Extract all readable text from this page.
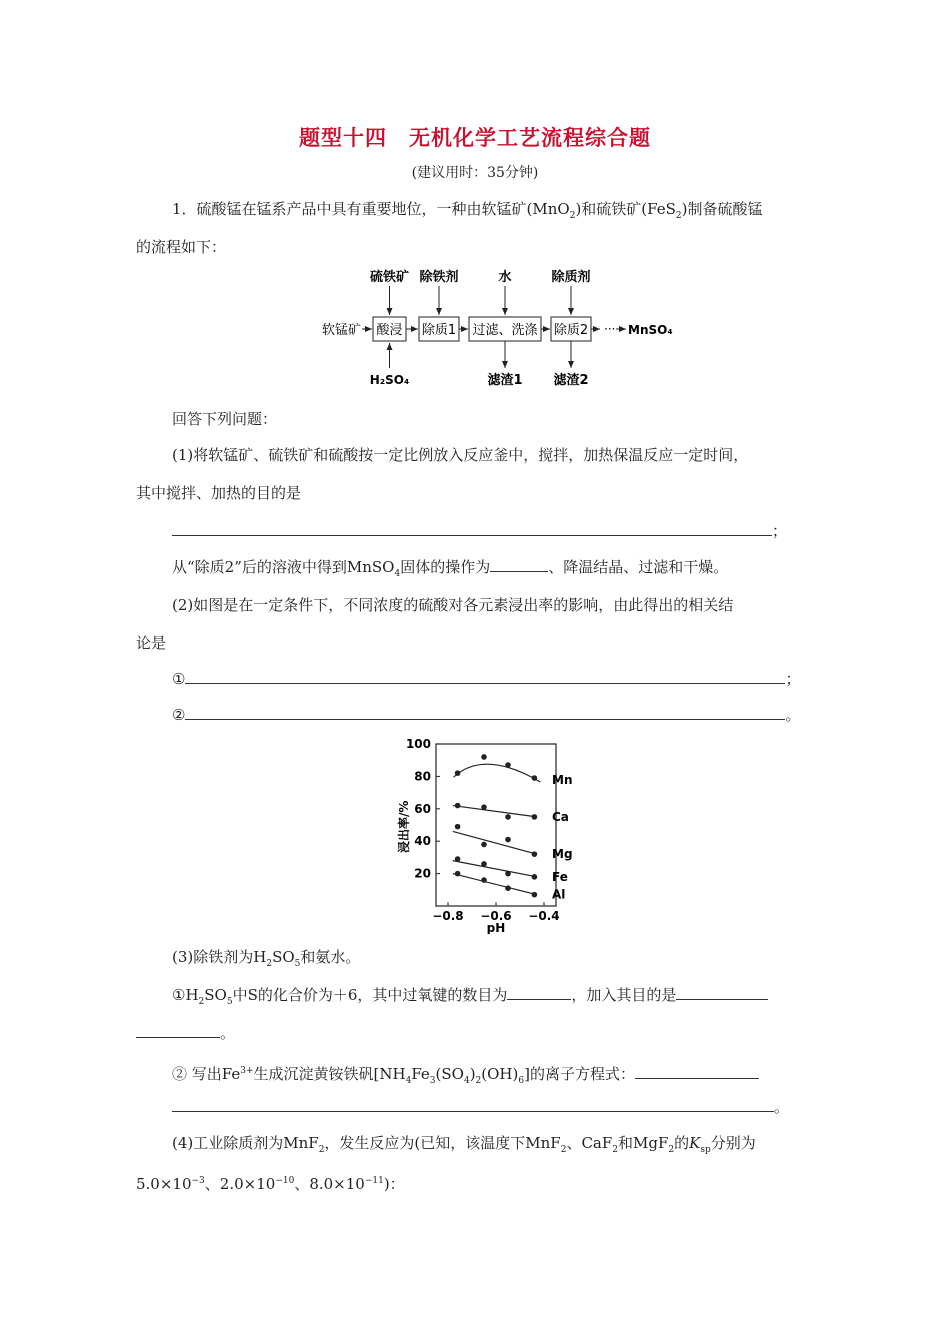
题型十四　无机化学工艺流程综合题
(建议用时：35分钟)
1．硫酸锰在锰系产品中具有重要地位，一种由软锰矿(MnO$_2$)和硫铁矿(FeS$_2$)制备硫酸锰
的流程如下：
软锰矿 酸浸 除质1 过滤、洗涤 除质2 ··· MnSO₄
硫铁矿 除铁剂	水	除质剂
H₂SO₄	滤渣1 滤渣2
回答下列问题：
(1)将软锰矿、硫铁矿和硫酸按一定比例放入反应釜中，搅拌，加热保温反应一定时间，
其中搅拌、加热的目的是
；
从“除质2”后的溶液中得到MnSO$_4$固体的操作为	、降温结晶、过滤和干燥。
(2)如图是在一定条件下，不同浓度的硫酸对各元素浸出率的影响，由此得出的相关结
论是
①	；
②	。
浸出率/%
pH
20
40
60
80
100
−0.8 −0.6 −0.4
Mn
Ca
Mg
Fe
Al
(3)除铁剂为$H_2SO_5$和氨水。
$①H_2SO_5$中S的化合价为＋6，其中过氧键的数目为	，加入其目的是
。
② 写出$Fe^{3+}$生成沉淀黄铵铁矾$[NH_4Fe_3(SO_4)_2(OH)_6]$的离子方程式：
。
(4)工业除质剂为MnF$_2$，发生反应为(已知，该温度下MnF$_2$、CaF$_2$和MgF$_2$的$K_{sp}$分别为
$5.0\times 10^{-3}$、$2.0\times 10^{-10}$、$8.0\times 10^{-11}$)：
